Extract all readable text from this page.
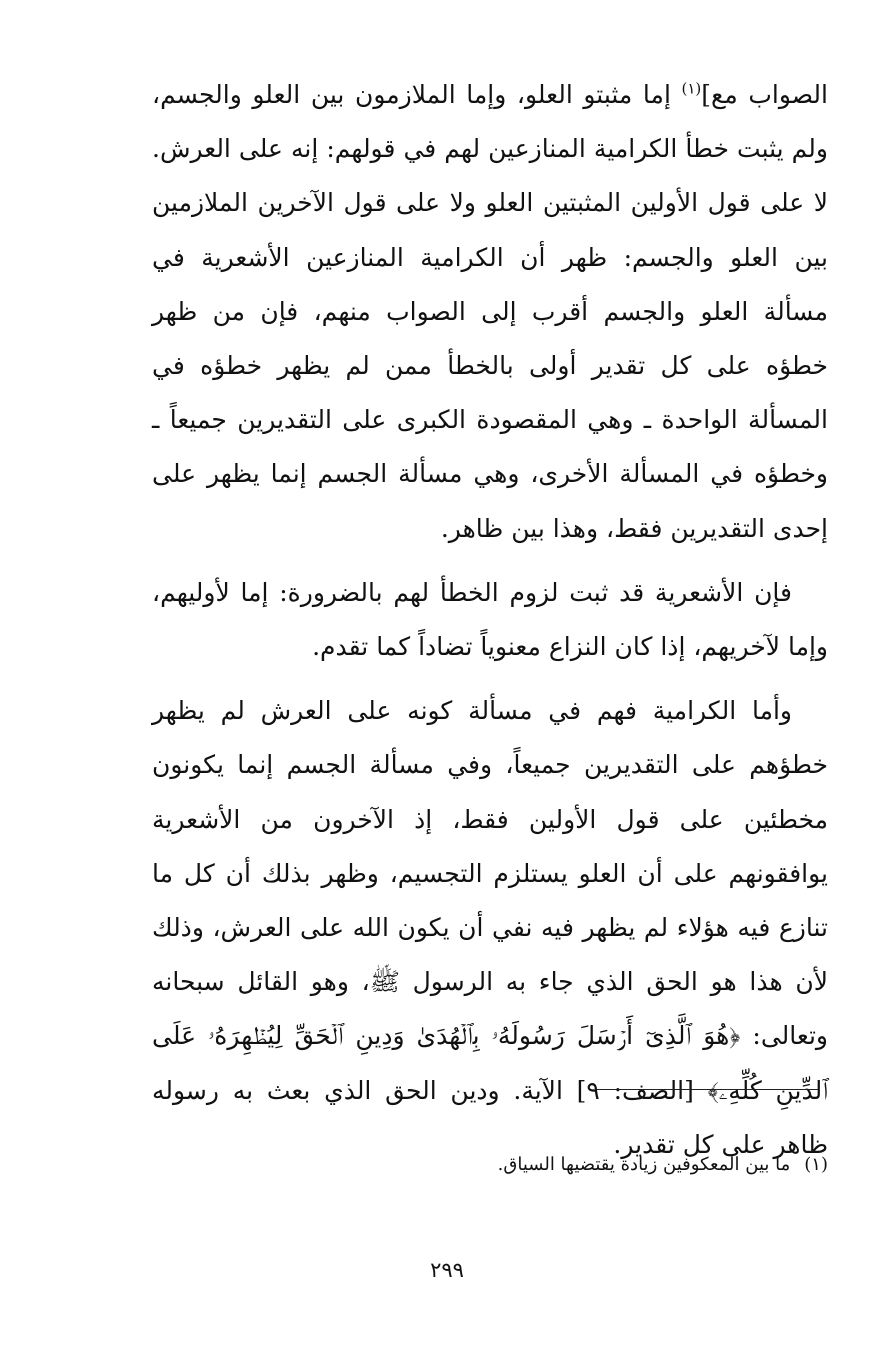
الصواب مع]$^{(١)}$ إما مثبتو العلو، وإما الملازمون بين العلو والجسم، ولم يثبت خطأ الكرامية المنازعين لهم في قولهم: إنه على العرش. لا على قول الأولين المثبتين العلو ولا على قول الآخرين الملازمين بين العلو والجسم: ظهر أن الكرامية المنازعين الأشعرية في مسألة العلو والجسم أقرب إلى الصواب منهم، فإن من ظهر خطؤه على كل تقدير أولى بالخطأ ممن لم يظهر خطؤه في المسألة الواحدة ـ وهي المقصودة الكبرى على التقديرين جميعاً ـ وخطؤه في المسألة الأخرى، وهي مسألة الجسم إنما يظهر على إحدى التقديرين فقط، وهذا بين ظاهر.

فإن الأشعرية قد ثبت لزوم الخطأ لهم بالضرورة: إما لأوليهم، وإما لآخريهم، إذا كان النزاع معنوياً تضاداً كما تقدم.

وأما الكرامية فهم في مسألة كونه على العرش لم يظهر خطؤهم على التقديرين جميعاً، وفي مسألة الجسم إنما يكونون مخطئين على قول الأولين فقط، إذ الآخرون من الأشعرية يوافقونهم على أن العلو يستلزم التجسيم، وظهر بذلك أن كل ما تنازع فيه هؤلاء لم يظهر فيه نفي أن يكون الله على العرش، وذلك لأن هذا هو الحق الذي جاء به الرسول ﷺ، وهو القائل سبحانه وتعالى: ﴿هُوَ ٱلَّذِىٓ أَرۡسَلَ رَسُولَهُۥ بِٱلۡهُدَىٰ وَدِينِ ٱلۡحَقِّ لِيُظۡهِرَهُۥ عَلَى ٱلدِّينِ كُلِّهِۦ﴾ [الصف: ٩] الآية. ودين الحق الذي بعث به رسوله ظاهر على كل تقدير.

(١)ما بين المعكوفين زيادة يقتضيها السياق.
٢٩٩
